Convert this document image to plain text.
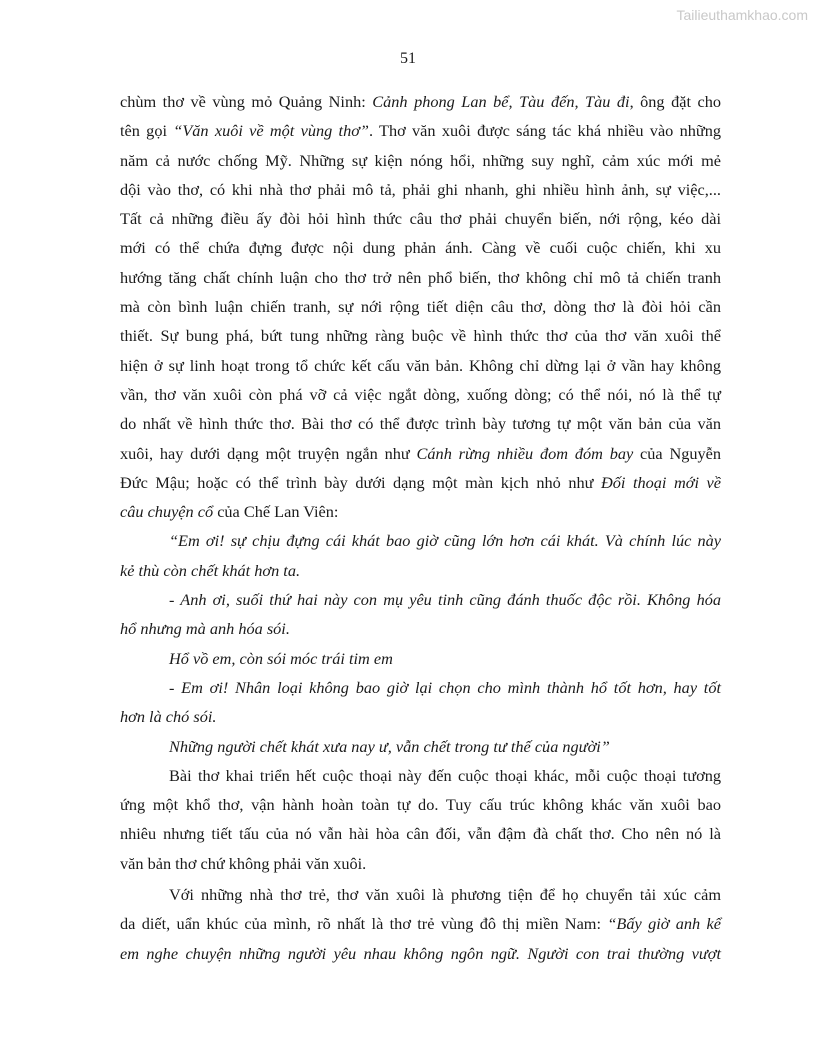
Tailieuthamkhao.com
51
chùm thơ về vùng mỏ Quảng Ninh: Cảnh phong Lan bể, Tàu đến, Tàu đi, ông đặt cho
tên gọi “Văn xuôi về một vùng thơ”. Thơ văn xuôi được sáng tác khá nhiều vào những
năm cả nước chống Mỹ. Những sự kiện nóng hổi, những suy nghĩ, cảm xúc mới mẻ
dội vào thơ, có khi nhà thơ phải mô tả, phải ghi nhanh, ghi nhiều hình ảnh, sự việc,...
Tất cả những điều ấy đòi hỏi hình thức câu thơ phải chuyển biến, nới rộng, kéo dài
mới có thể chứa đựng được nội dung phản ánh. Càng về cuối cuộc chiến, khi xu
hướng tăng chất chính luận cho thơ trở nên phổ biến, thơ không chỉ mô tả chiến tranh
mà còn bình luận chiến tranh, sự nới rộng tiết diện câu thơ, dòng thơ là đòi hỏi cần
thiết. Sự bung phá, bứt tung những ràng buộc về hình thức thơ của thơ văn xuôi thể
hiện ở sự linh hoạt trong tổ chức kết cấu văn bản. Không chỉ dừng lại ở vần hay không
vần, thơ văn xuôi còn phá vỡ cả việc ngắt dòng, xuống dòng; có thể nói, nó là thể tự
do nhất về hình thức thơ. Bài thơ có thể được trình bày tương tự một văn bản của văn
xuôi, hay dưới dạng một truyện ngắn như Cánh rừng nhiều đom đóm bay của Nguyễn
Đức Mậu; hoặc có thể trình bày dưới dạng một màn kịch nhỏ như Đối thoại mới về
câu chuyện cổ của Chế Lan Viên:
“Em ơi! sự chịu đựng cái khát bao giờ cũng lớn hơn cái khát. Và chính lúc này
kẻ thù còn chết khát hơn ta.
- Anh ơi, suối thứ hai này con mụ yêu tinh cũng đánh thuốc độc rồi. Không hóa
hổ nhưng mà anh hóa sói.
Hổ vồ em, còn sói móc trái tim em
- Em ơi! Nhân loại không bao giờ lại chọn cho mình thành hổ tốt hơn, hay tốt
hơn là chó sói.
Những người chết khát xưa nay ư, vẫn chết trong tư thế của người”
Bài thơ khai triển hết cuộc thoại này đến cuộc thoại khác, mỗi cuộc thoại tương
ứng một khổ thơ, vận hành hoàn toàn tự do. Tuy cấu trúc không khác văn xuôi bao
nhiêu nhưng tiết tấu của nó vẫn hài hòa cân đối, vẫn đậm đà chất thơ. Cho nên nó là
văn bản thơ chứ không phải văn xuôi.
Với những nhà thơ trẻ, thơ văn xuôi là phương tiện để họ chuyển tải xúc cảm
da diết, uẩn khúc của mình, rõ nhất là thơ trẻ vùng đô thị miền Nam: “Bấy giờ anh kể
em nghe chuyện những người yêu nhau không ngôn ngữ. Người con trai thường vượt
